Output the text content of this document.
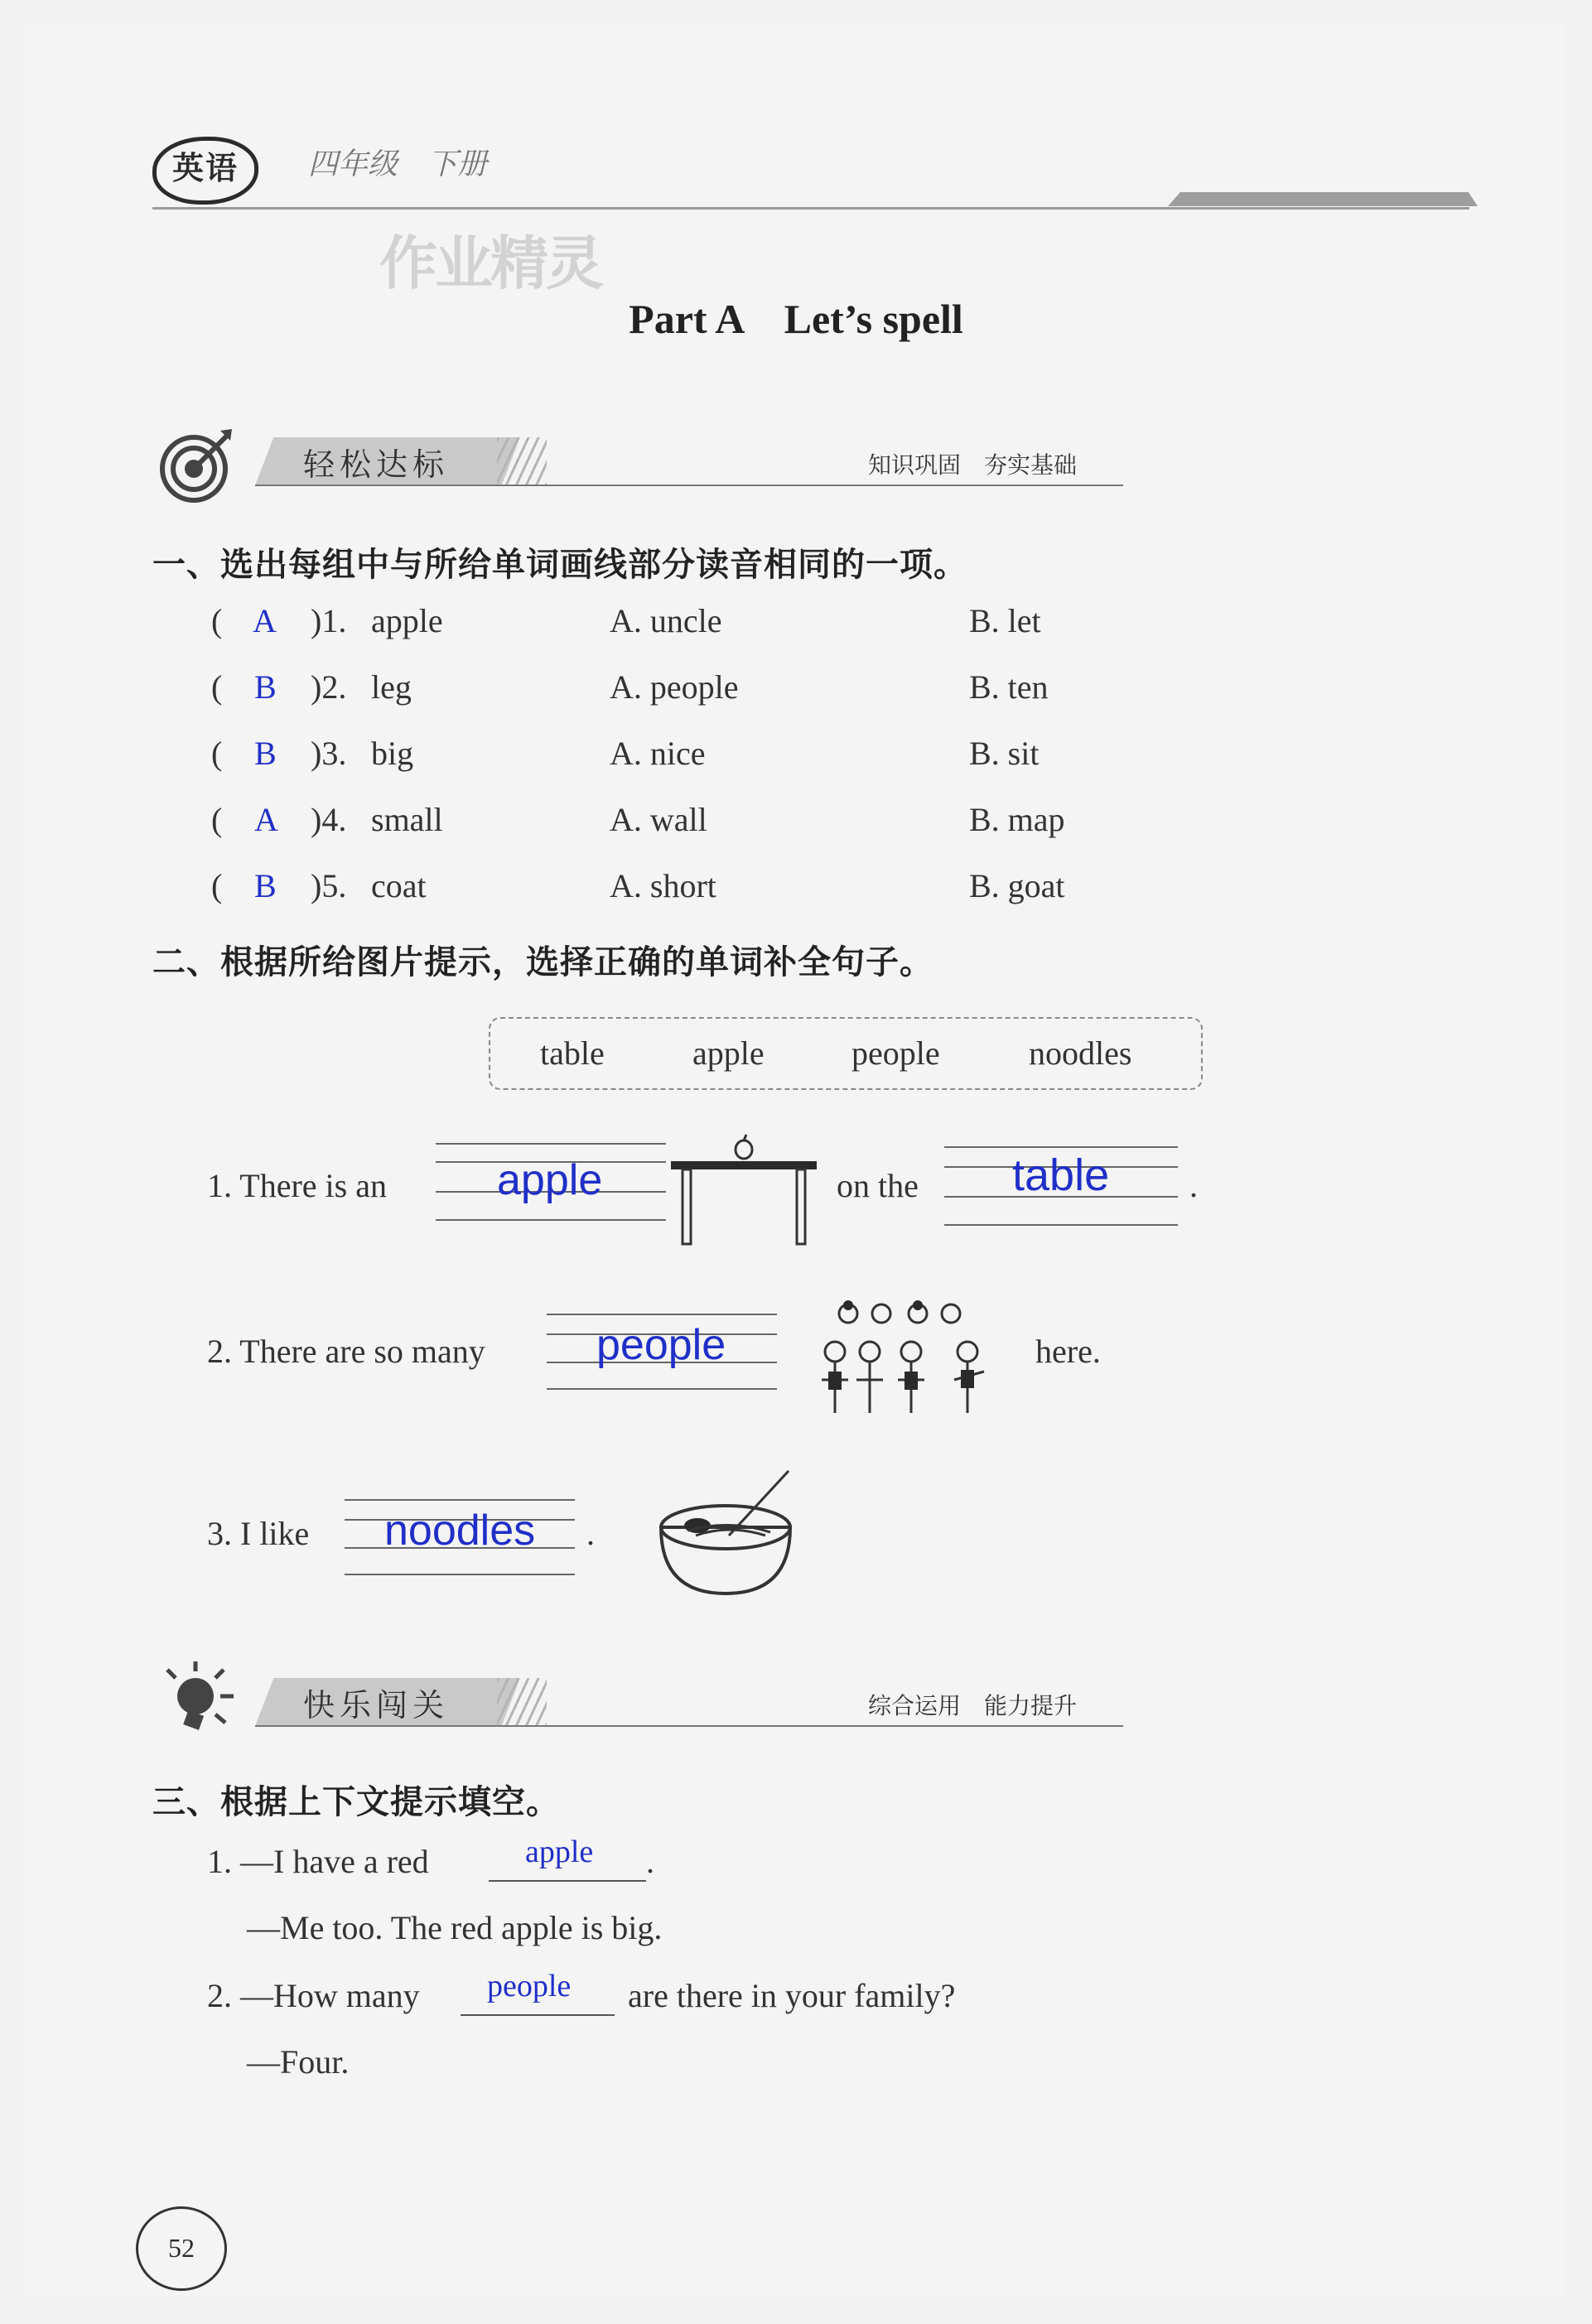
英语	四年级　下册
作业精灵
Part A　Let’s spell
轻松达标	知识巩固　夯实基础
一、选出每组中与所给单词画线部分读音相同的一项。
( A )1. apple	A. uncle	B. let
( B )2. leg	A. people	B. ten
( B )3. big	A. nice	B. sit
( A )4. small	A. wall	B. map
( B )5. coat	A. short	B. goat
二、根据所给图片提示，选择正确的单词补全句子。
table	apple	people	noodles
1. There is an	apple	on the table .
2. There are so many	people	here.
3. I like noodles .
快乐闯关	综合运用　能力提升
三、根据上下文提示填空。
1. —I have a red	apple .
—Me too. The red apple is big.
2. —How many people are there in your family?
—Four.
52
